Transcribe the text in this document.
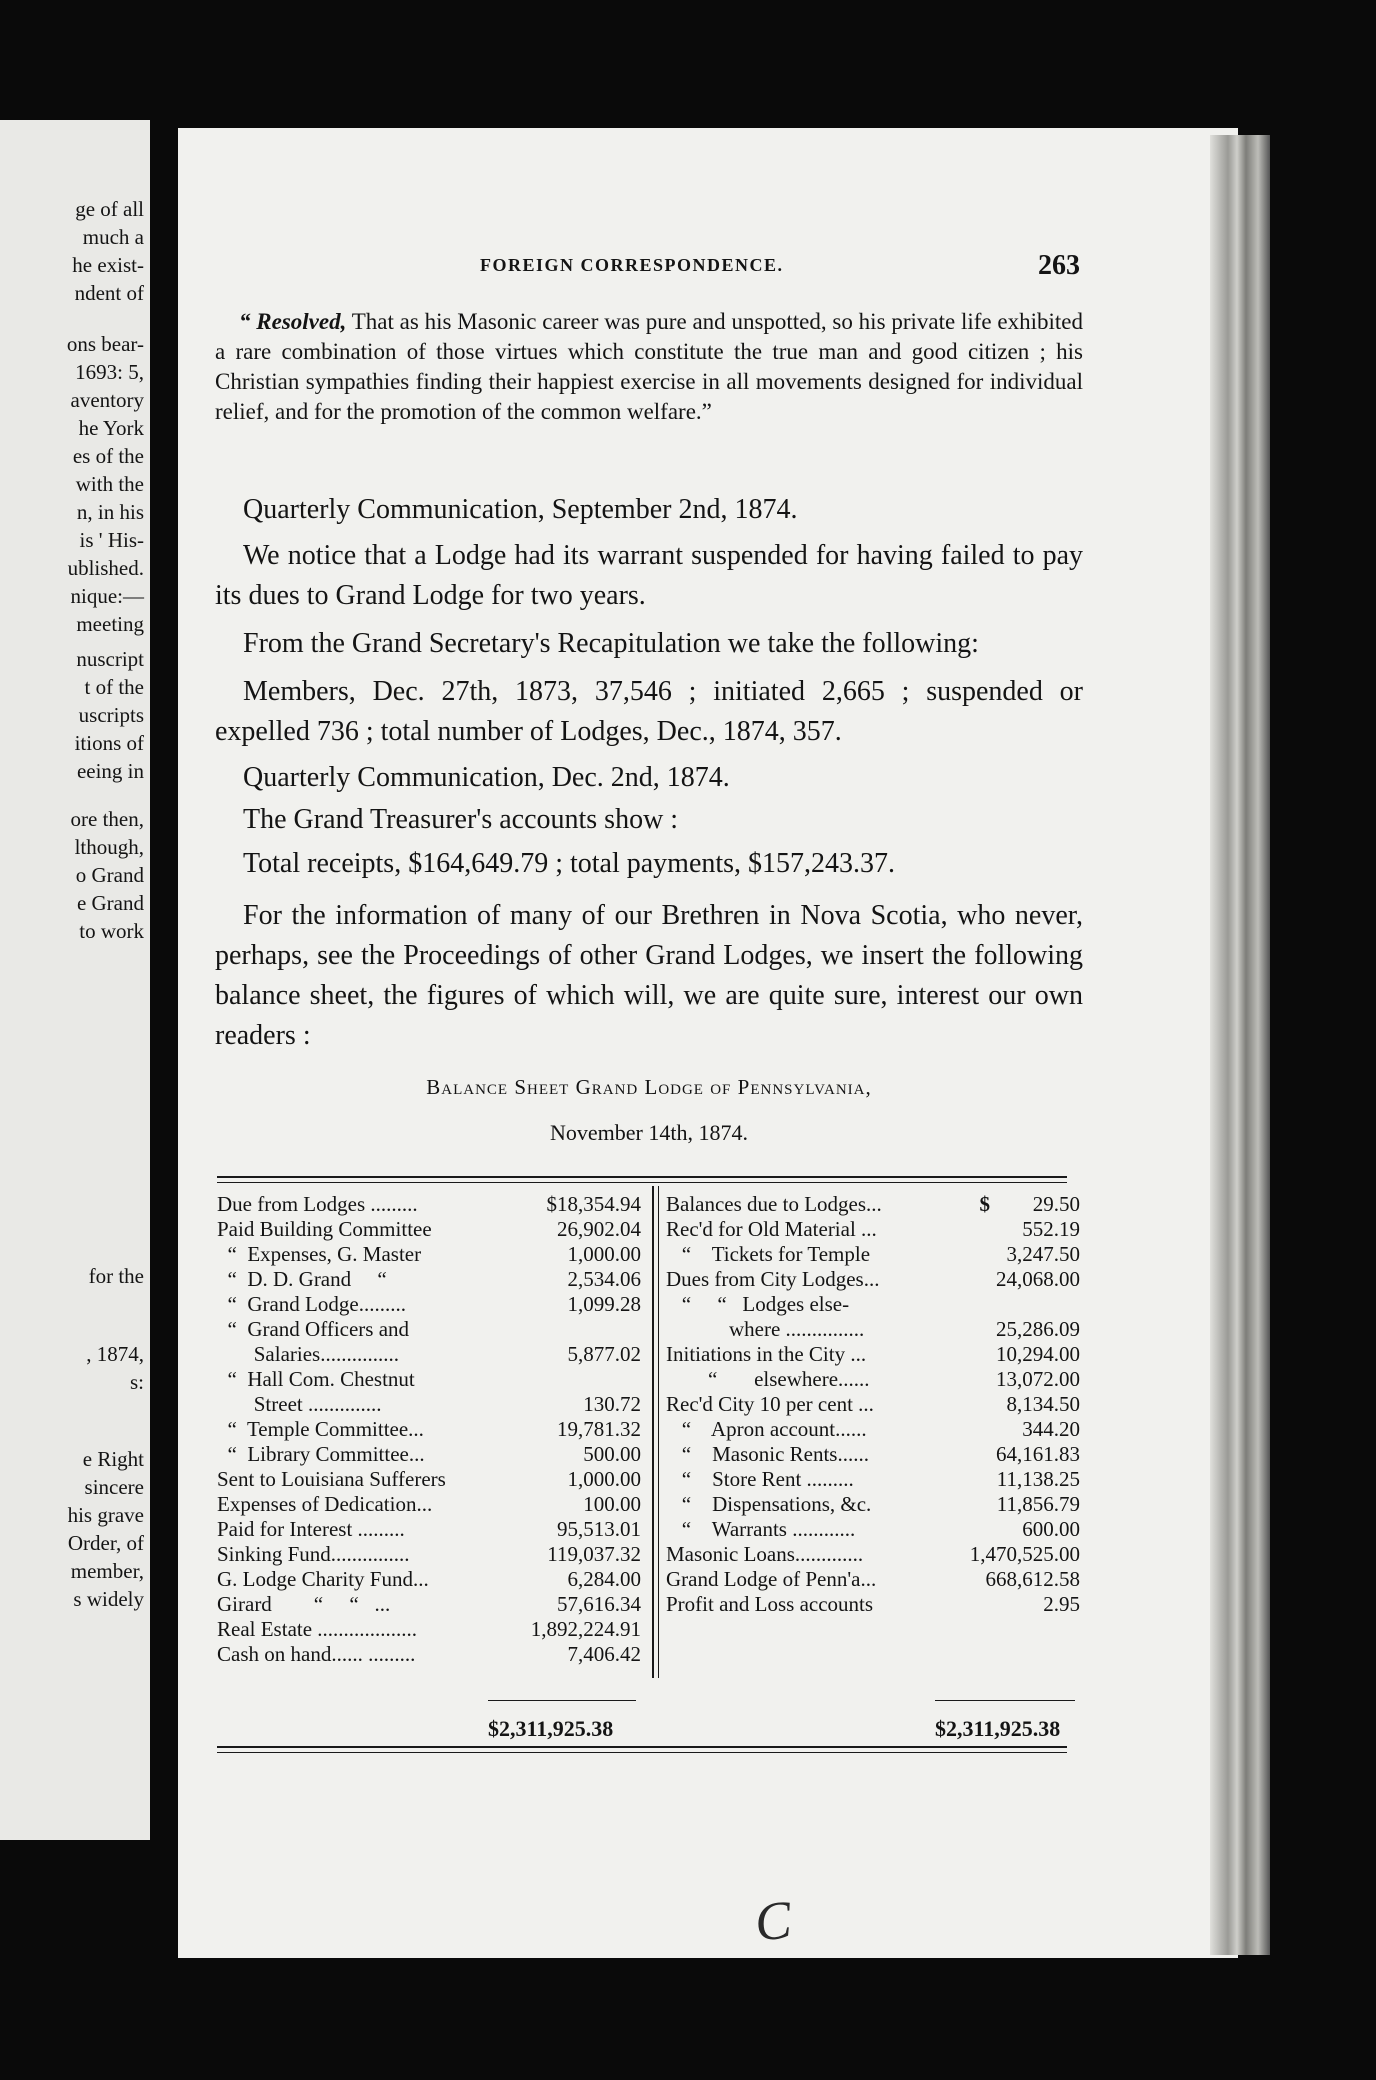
ge of all
much a
he exist-
ndent of

ons bear-
1693: 5,
aventory
he York
es of the
with the
n, in his
is ' His-
ublished.
nique:—
meeting

nuscript
t of the
uscripts
itions of
eeing in

ore then,
lthough,
o Grand
e Grand
to work

for the

, 1874,
s:

e Right
sincere
his grave
Order, of
member,
s widely

FOREIGN CORRESPONDENCE.	263

“ Resolved, That as his Masonic career was pure and unspotted, so his private life exhibited a rare combination of those virtues which constitute the true man and good citizen ; his Christian sympathies finding their happiest exercise in all movements designed for individual relief, and for the promotion of the common welfare.”

Quarterly Communication, September 2nd, 1874.

We notice that a Lodge had its warrant suspended for having failed to pay its dues to Grand Lodge for two years.

From the Grand Secretary's Recapitulation we take the following:

Members, Dec. 27th, 1873, 37,546 ; initiated 2,665 ; suspended or expelled 736 ; total number of Lodges, Dec., 1874, 357.

Quarterly Communication, Dec. 2nd, 1874.

The Grand Treasurer's accounts show :

Total receipts, $164,649.79 ; total payments, $157,243.37.

For the information of many of our Brethren in Nova Scotia, who never, perhaps, see the Proceedings of other Grand Lodges, we insert the following balance sheet, the figures of which will, we are quite sure, interest our own readers :

Balance Sheet Grand Lodge of Pennsylvania,
November 14th, 1874.
Due from Lodges .........	$18,354.94
Paid Building Committee	26,902.04
“  Expenses, G. Master	1,000.00
“  D. D. Grand     “	2,534.06
“  Grand Lodge.........	1,099.28
“  Grand Officers and
Salaries...............	5,877.02
“  Hall Com. Chestnut
Street ..............	130.72
“  Temple Committee...	19,781.32
“  Library Committee...	500.00
Sent to Louisiana Sufferers	1,000.00
Expenses of Dedication...	100.00
Paid for Interest .........	95,513.01
Sinking Fund...............	119,037.32
G. Lodge Charity Fund...	6,284.00
Girard        “     “   ...	57,616.34
Real Estate ...................	1,892,224.91
Cash on hand...... .........	7,406.42
Balances due to Lodges...	$ 29.50
Rec'd for Old Material ...	552.19
“    Tickets for Temple	3,247.50
Dues from City Lodges...	24,068.00
“     “   Lodges else-
where ...............	25,286.09
Initiations in the City ...	10,294.00
“       elsewhere......	13,072.00
Rec'd City 10 per cent ...	8,134.50
“    Apron account......	344.20
“    Masonic Rents......	64,161.83
“    Store Rent .........	11,138.25
“    Dispensations, &c.	11,856.79
“    Warrants ............	600.00
Masonic Loans.............	1,470,525.00
Grand Lodge of Penn'a...	668,612.58
Profit and Loss accounts	2.95
$2,311,925.38	$2,311,925.38
C
